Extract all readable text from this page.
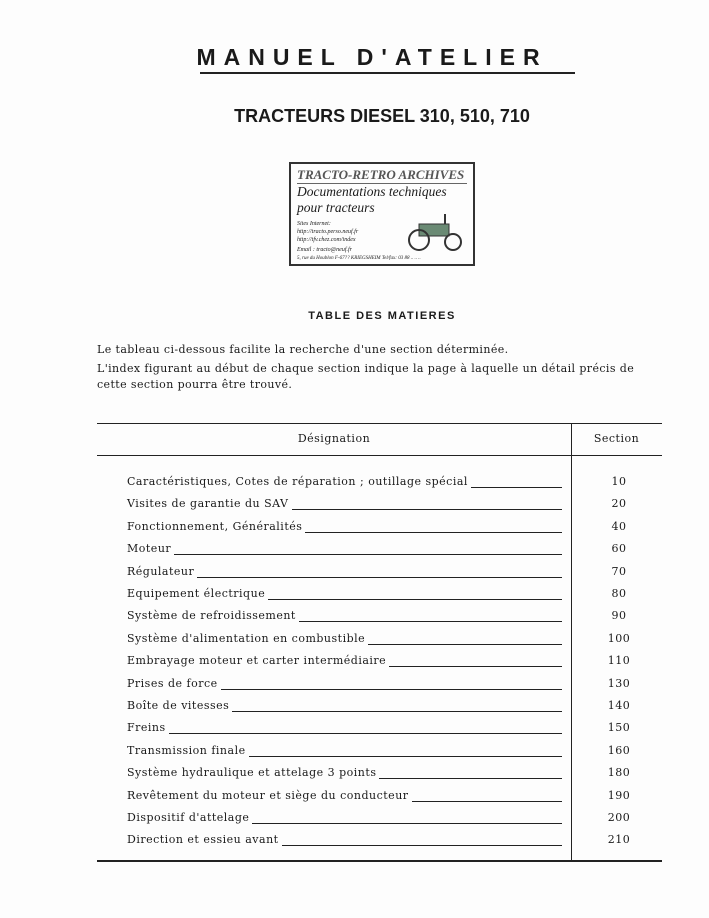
MANUEL D'ATELIER
TRACTEURS DIESEL 310, 510, 710
TRACTO-RETRO ARCHIVES
Documentations techniques
pour tracteurs
Sites Internet:
http://tracto.perso.neuf.fr
http://tfv.chez.com/index
Email : tracto@neuf.fr
5, rue du Houblon F-67?? KRIEGSHEIM Tel/fax: 03 88 .. .. ..
TABLE DES MATIERES

Le tableau ci-dessous facilite la recherche d'une section déterminée.

L'index figurant au début de chaque section indique la page à laquelle un détail précis de cette section pourra être trouvé.

Désignation	Section
Caractéristiques, Cotes de réparation ; outillage spécial	10
Visites de garantie du SAV	20
Fonctionnement, Généralités	40
Moteur	60
Régulateur	70
Equipement électrique	80
Système de refroidissement	90
Système d'alimentation en combustible	100
Embrayage moteur et carter intermédiaire	110
Prises de force	130
Boîte de vitesses	140
Freins	150
Transmission finale	160
Système hydraulique et attelage 3 points	180
Revêtement du moteur et siège du conducteur	190
Dispositif d'attelage	200
Direction et essieu avant	210
